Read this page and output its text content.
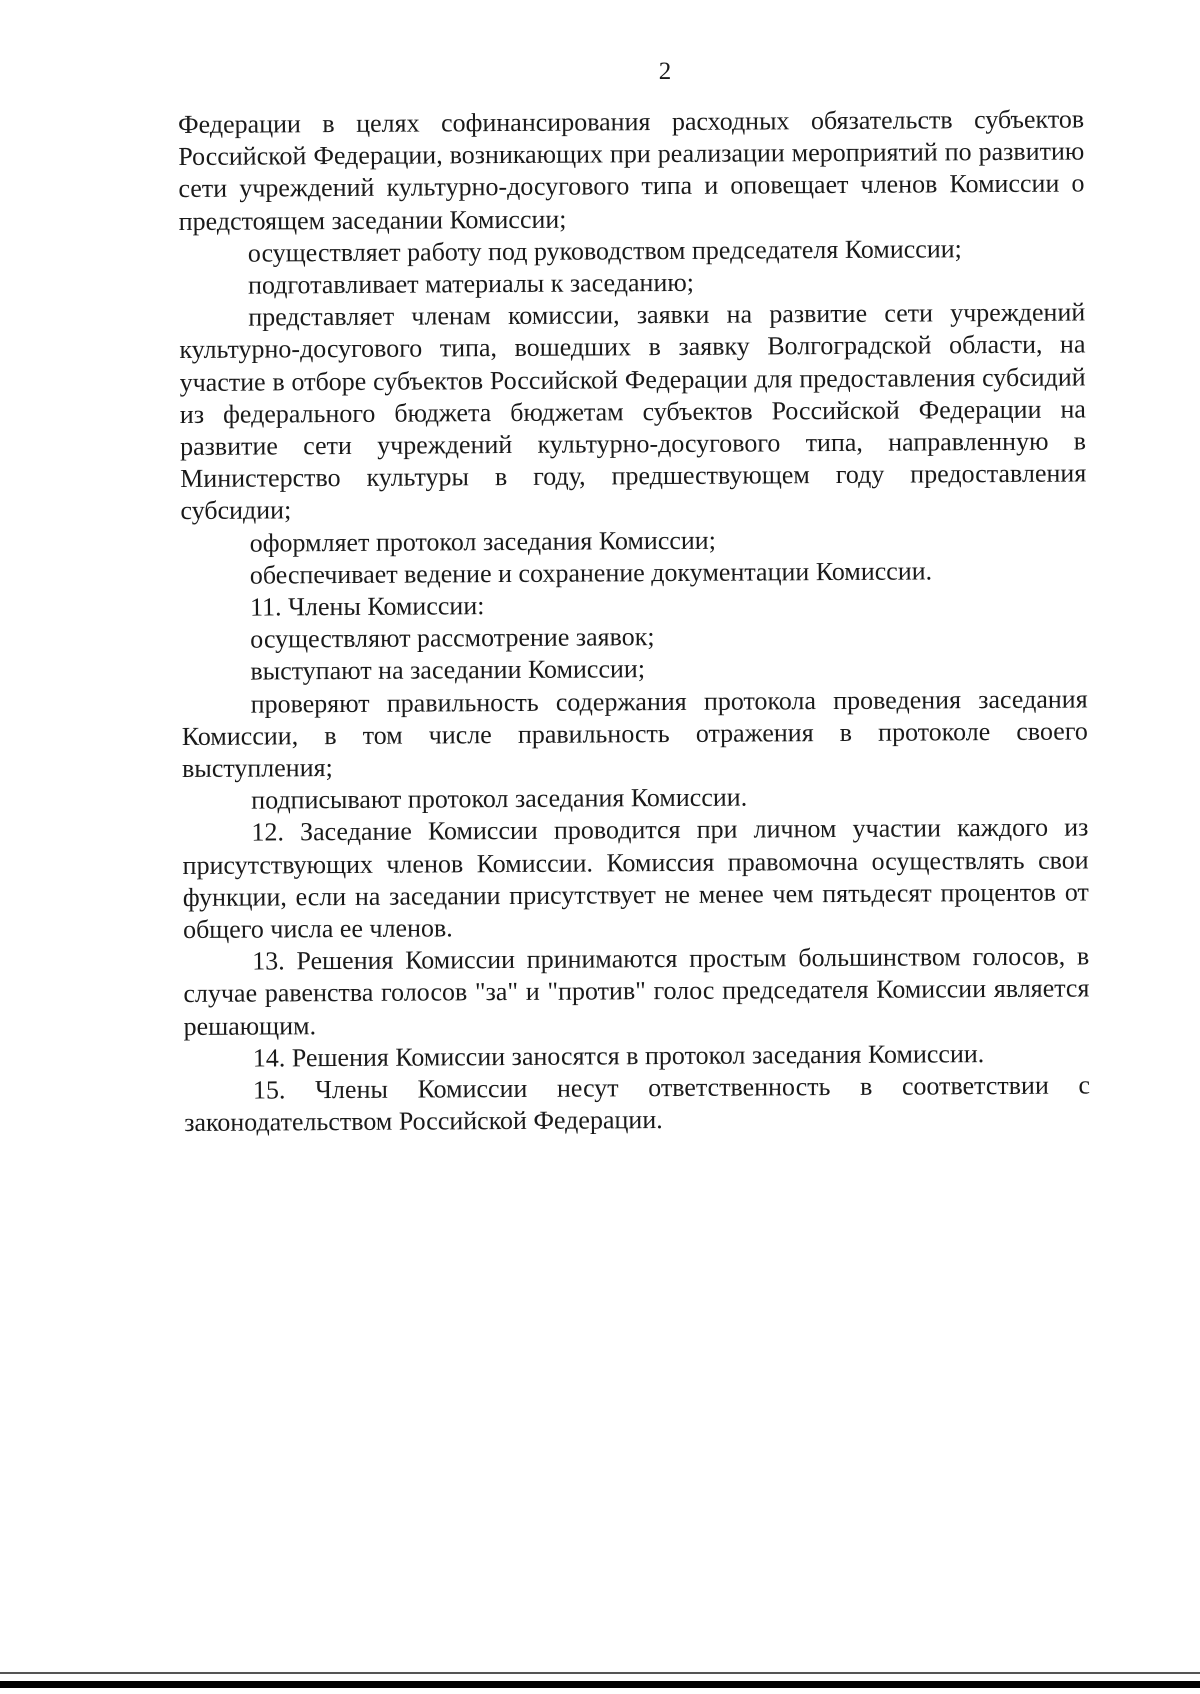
2

Федерации в целях софинансирования расходных обязательств субъектов Российской Федерации, возникающих при реализации мероприятий по развитию сети учреждений культурно-досугового типа и оповещает членов Комиссии о предстоящем заседании Комиссии;

осуществляет работу под руководством председателя Комиссии;

подготавливает материалы к заседанию;

представляет членам комиссии, заявки на развитие сети учреждений культурно-досугового типа, вошедших в заявку Волгоградской области, на участие в отборе субъектов Российской Федерации для предоставления субсидий из федерального бюджета бюджетам субъектов Российской Федерации на развитие сети учреждений культурно-досугового типа, направленную в Министерство культуры в году, предшествующем году предоставления субсидии;

оформляет протокол заседания Комиссии;

обеспечивает ведение и сохранение документации Комиссии.

11. Члены Комиссии:

осуществляют рассмотрение заявок;

выступают на заседании Комиссии;

проверяют правильность содержания протокола проведения заседания Комиссии, в том числе правильность отражения в протоколе своего выступления;

подписывают протокол заседания Комиссии.

12. Заседание Комиссии проводится при личном участии каждого из присутствующих членов Комиссии. Комиссия правомочна осуществлять свои функции, если на заседании присутствует не менее чем пятьдесят процентов от общего числа ее членов.

13. Решения Комиссии принимаются простым большинством голосов, в случае равенства голосов "за" и "против" голос председателя Комиссии является решающим.

14. Решения Комиссии заносятся в протокол заседания Комиссии.

15. Члены Комиссии несут ответственность в соответствии с законодательством Российской Федерации.
